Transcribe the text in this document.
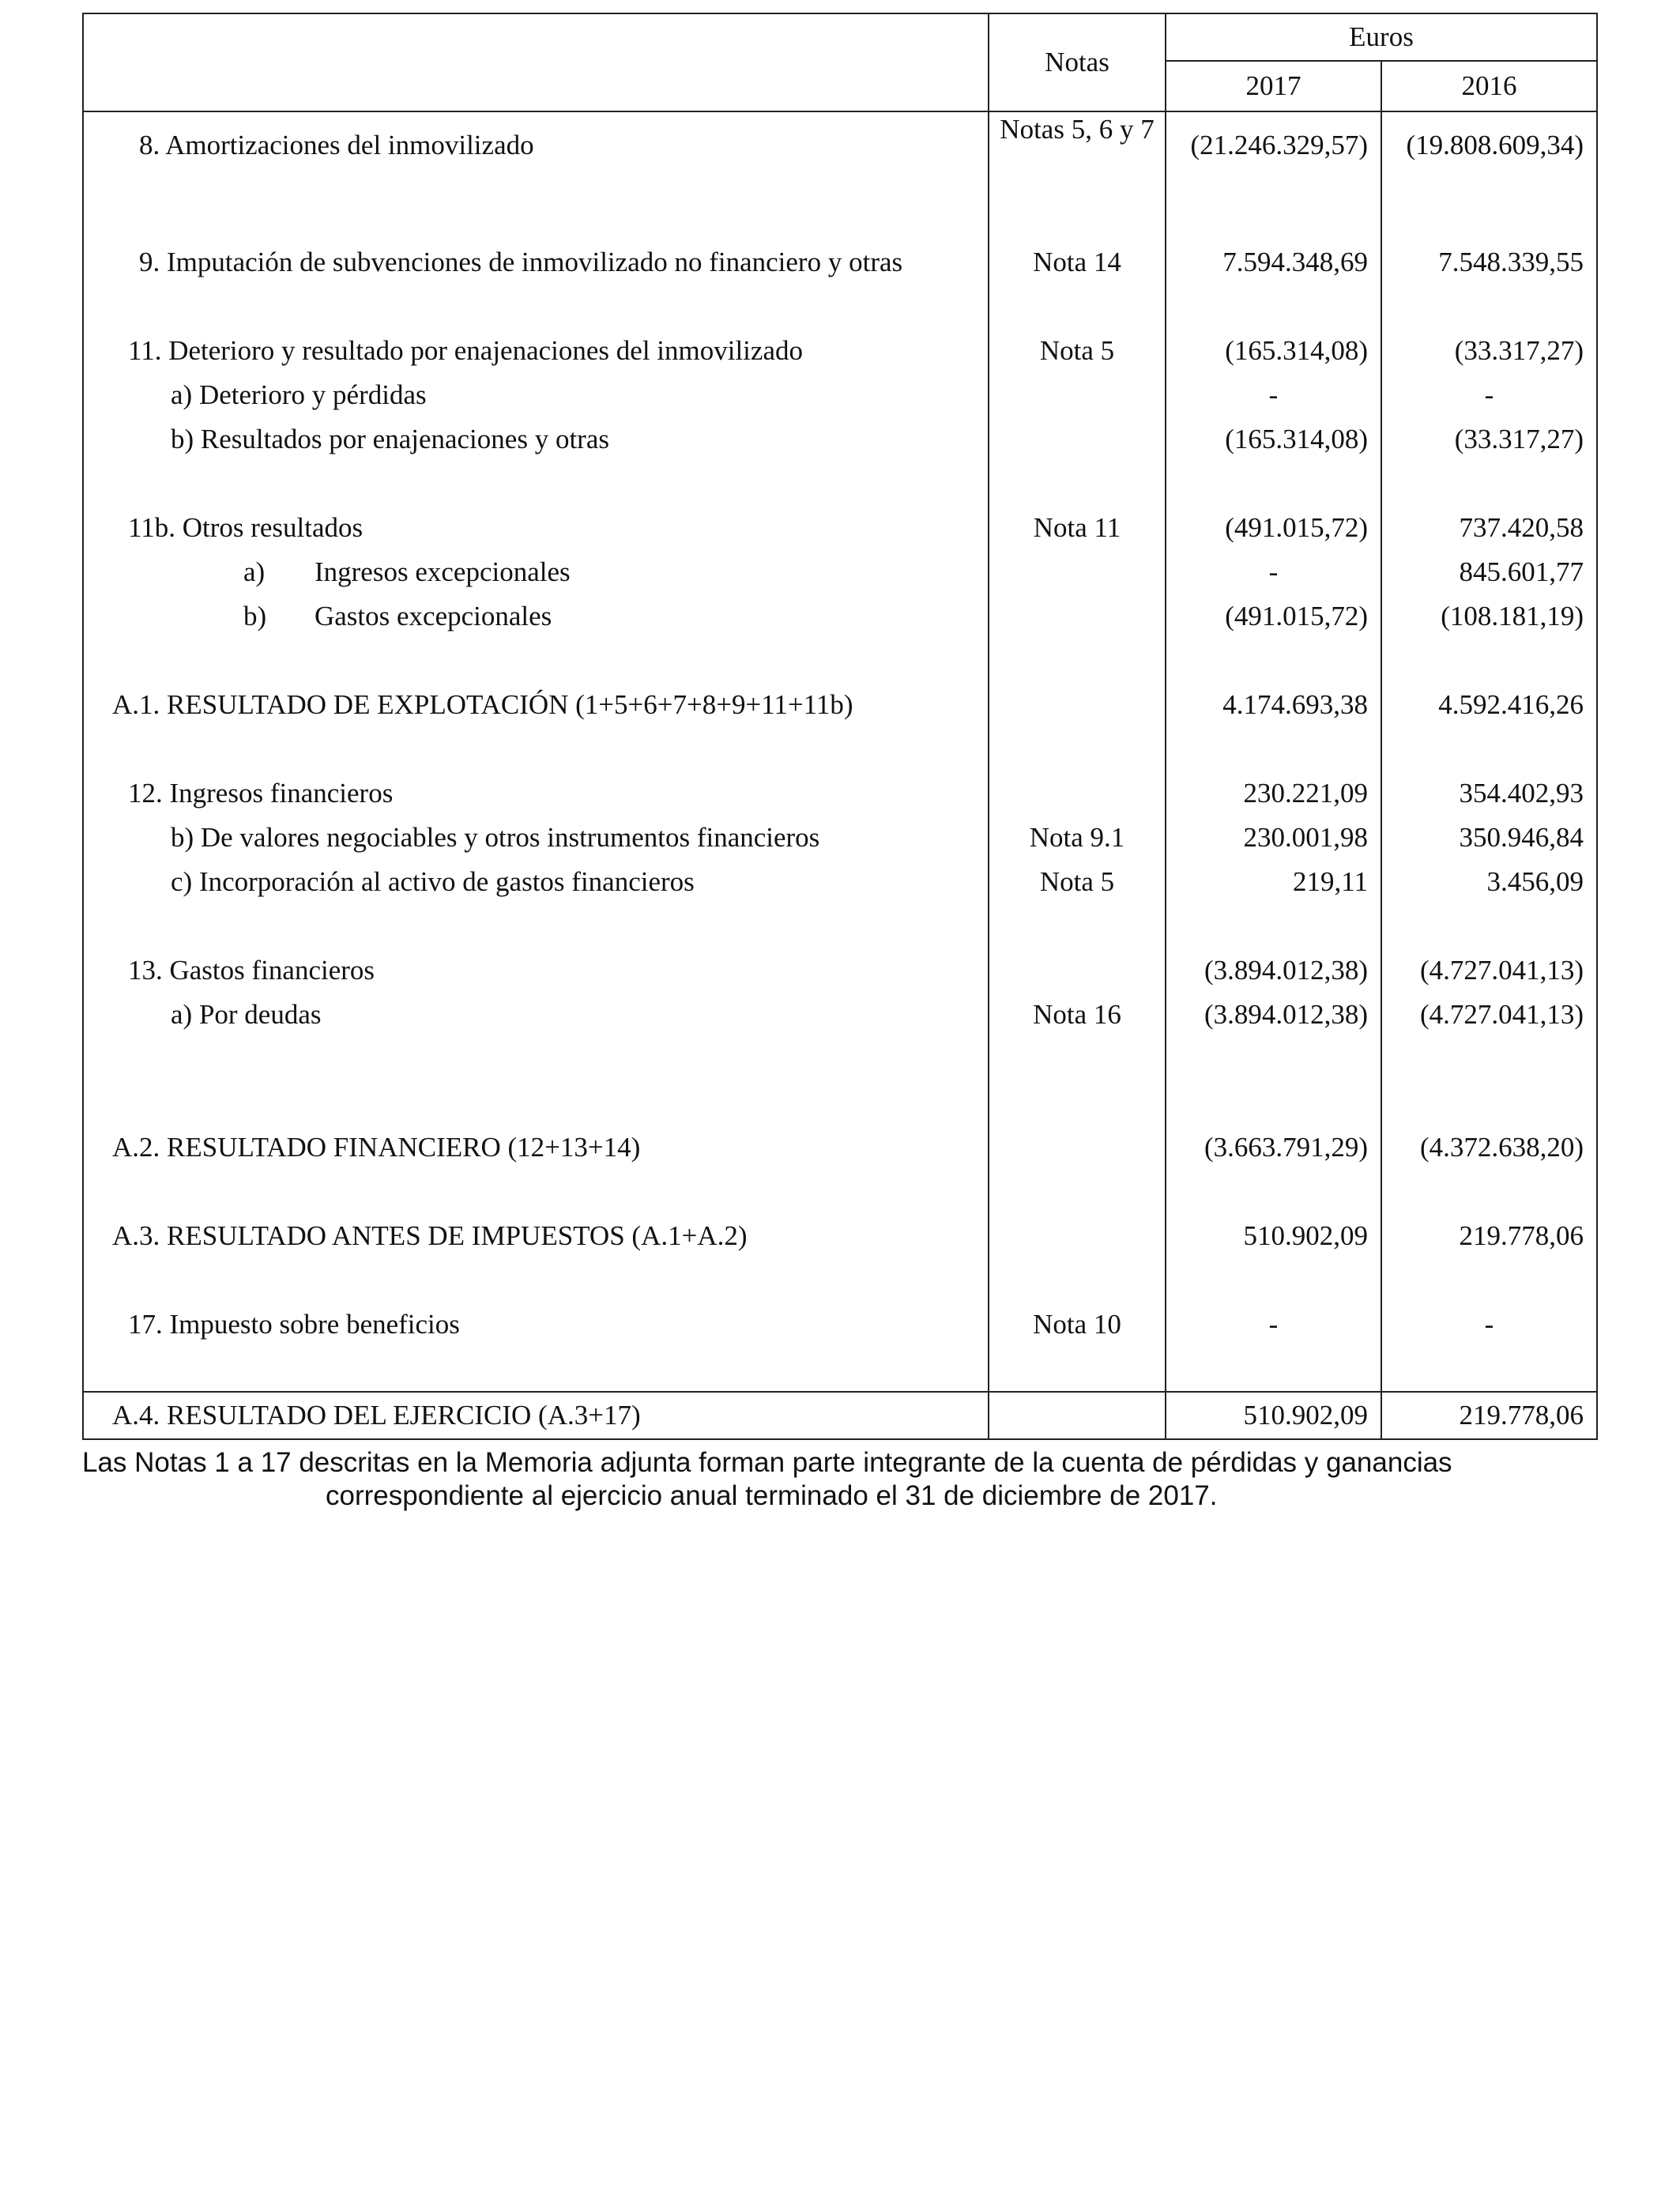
	Notas	Euros	
		2017	2016
8. Amortizaciones del inmovilizado	Notas 5, 6 y 7	(21.246.329,57)	(19.808.609,34)

9. Imputación de subvenciones de inmovilizado no financiero y otras	Nota 14	7.594.348,69	7.548.339,55

11. Deterioro y resultado por enajenaciones del inmovilizado	Nota 5	(165.314,08)	(33.317,27)
a) Deterioro y pérdidas		-	-
b) Resultados por enajenaciones y otras		(165.314,08)	(33.317,27)

11b. Otros resultados	Nota 11	(491.015,72)	737.420,58
a) Ingresos excepcionales		-	845.601,77
b) Gastos excepcionales		(491.015,72)	(108.181,19)

A.1. RESULTADO DE EXPLOTACIÓN (1+5+6+7+8+9+11+11b)		4.174.693,38	4.592.416,26

12. Ingresos financieros		230.221,09	354.402,93
b) De valores negociables y otros instrumentos financieros	Nota 9.1	230.001,98	350.946,84
c) Incorporación al activo de gastos financieros	Nota 5	219,11	3.456,09

13. Gastos financieros		(3.894.012,38)	(4.727.041,13)
a) Por deudas	Nota 16	(3.894.012,38)	(4.727.041,13)

A.2. RESULTADO FINANCIERO (12+13+14)		(3.663.791,29)	(4.372.638,20)

A.3. RESULTADO ANTES DE IMPUESTOS (A.1+A.2)		510.902,09	219.778,06

17. Impuesto sobre beneficios	Nota 10	-	-

A.4. RESULTADO DEL EJERCICIO (A.3+17)		510.902,09	219.778,06
Las Notas 1 a 17 descritas en la Memoria adjunta forman parte integrante de la cuenta de pérdidas y ganancias
correspondiente al ejercicio anual terminado el 31 de diciembre de 2017.
